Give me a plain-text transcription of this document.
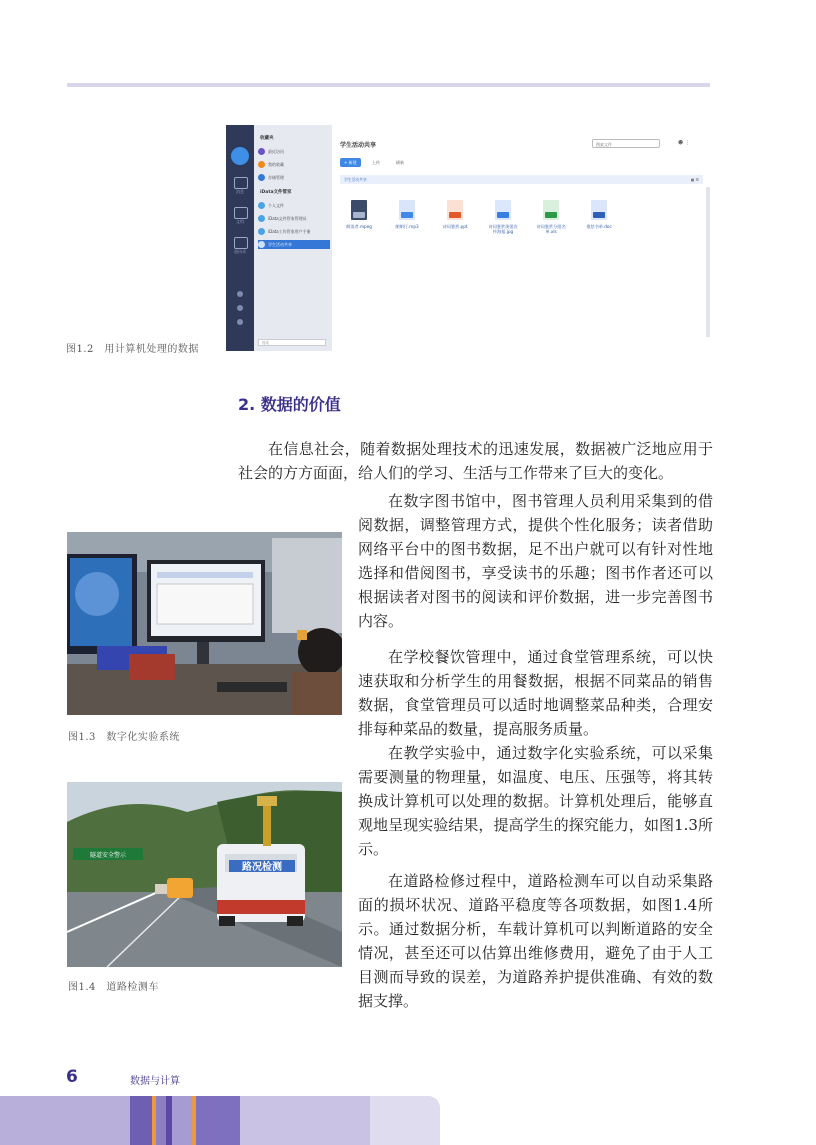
消息
文档
通讯录
收藏夹
最近访问
我的收藏
存储管理
iData文件管家
个人文件
iData文件管家管理员
iData工作管家用户手册
学生活动共享
搜索
学生活动共享	搜索文件	☻ ⋮
+ 新建	上传	刷新
学生活动共享	▦ ☰
朗读者.mpeg	朗朗行.mp3	诗词鉴赏.ppt	诗词鉴赏现很宣传海报.jpg
诗词鉴赏分组名单.xls
推荐书单.doc
图1.2　用计算机处理的数据
2. 数据的价值

在信息社会，随着数据处理技术的迅速发展，数据被广泛地应用于社会的方方面面，给人们的学习、生活与工作带来了巨大的变化。

在数字图书馆中，图书管理人员利用采集到的借阅数据，调整管理方式，提供个性化服务；读者借助网络平台中的图书数据，足不出户就可以有针对性地选择和借阅图书，享受读书的乐趣；图书作者还可以根据读者对图书的阅读和评价数据，进一步完善图书内容。

在学校餐饮管理中，通过食堂管理系统，可以快速获取和分析学生的用餐数据，根据不同菜品的销售数据，食堂管理员可以适时地调整菜品种类，合理安排每种菜品的数量，提高服务质量。

在教学实验中，通过数字化实验系统，可以采集需要测量的物理量，如温度、电压、压强等，将其转换成计算机可以处理的数据。计算机处理后，能够直观地呈现实验结果，提高学生的探究能力，如图1.3所示。

在道路检修过程中，道路检测车可以自动采集路面的损坏状况、道路平稳度等各项数据，如图1.4所示。通过数据分析，车载计算机可以判断道路的安全情况，甚至还可以估算出维修费用，避免了由于人工目测而导致的误差，为道路养护提供准确、有效的数据支撑。

图1.3　数字化实验系统
隧道安全警示
路况检测
图1.4　道路检测车
6	数据与计算
